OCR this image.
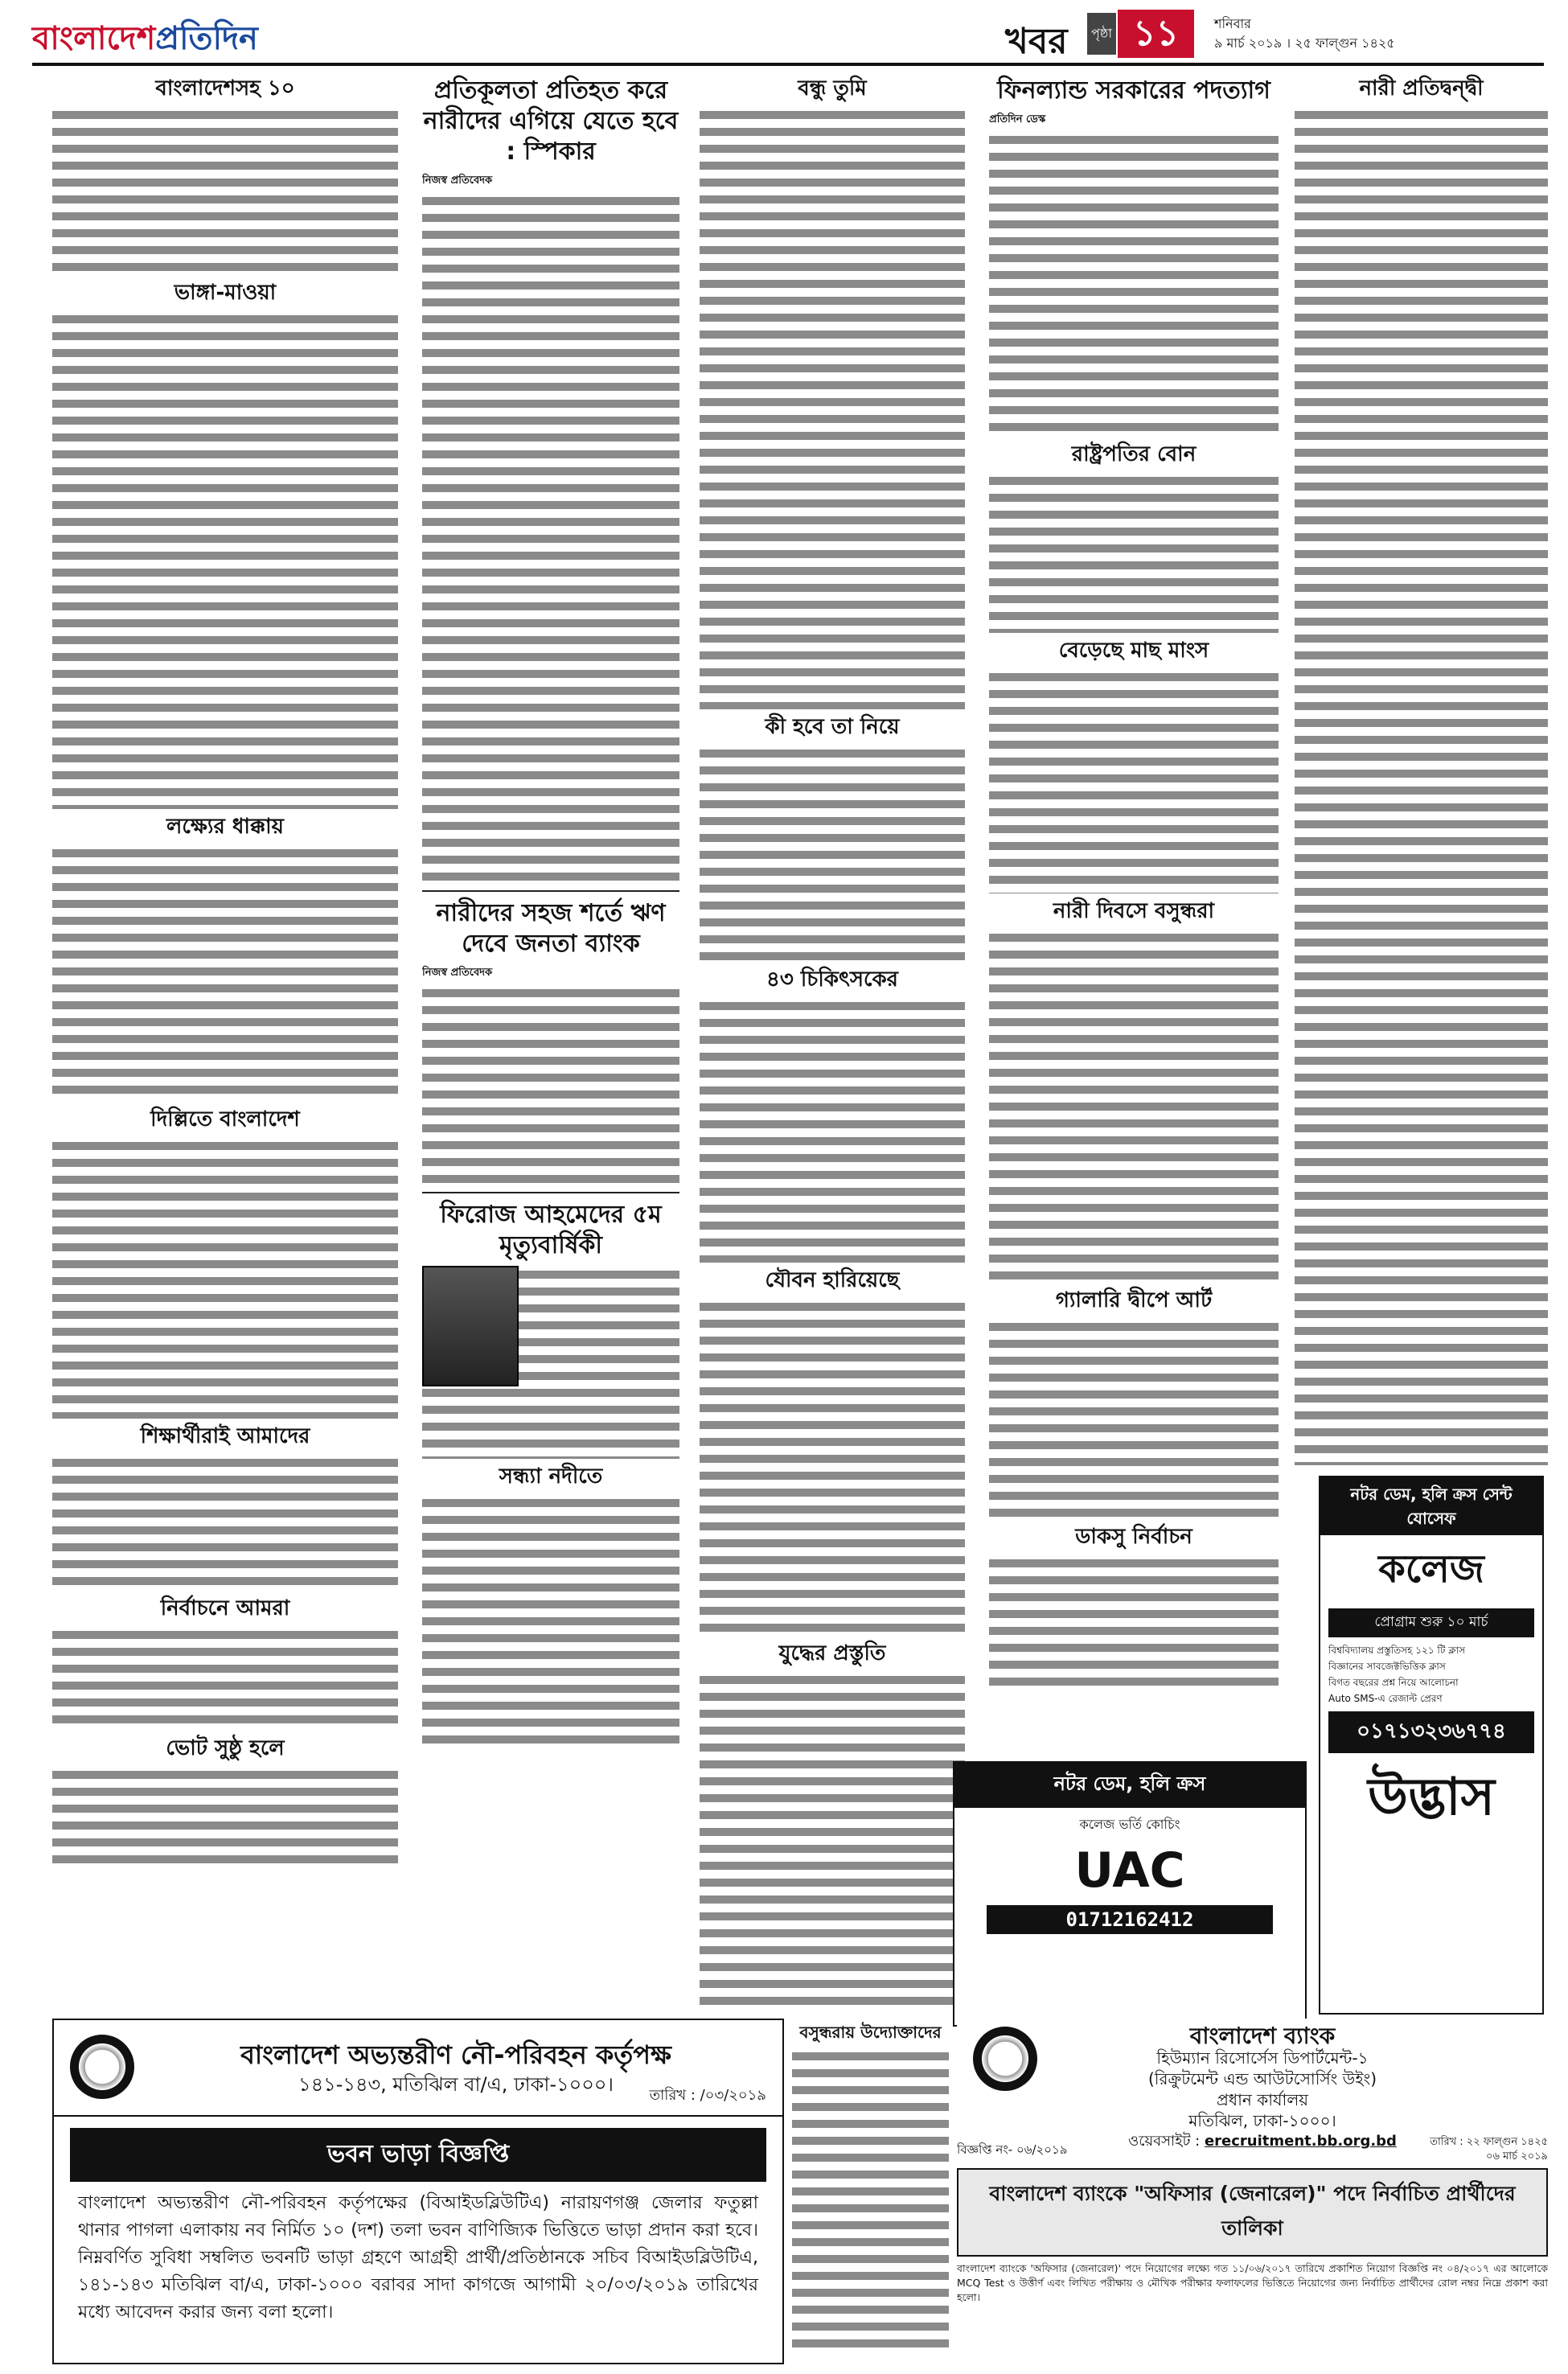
বাংলাদেশপ্রতিদিন	খবর	পৃষ্ঠা ১১	শনিবার
৯ মার্চ ২০১৯ । ২৫ ফাল্গুন ১৪২৫
বাংলাদেশসহ ১০
ভাঙ্গা-মাওয়া
লক্ষ্যের ধাক্কায়
দিল্লিতে বাংলাদেশ
শিক্ষার্থীরাই আমাদের
নির্বাচনে আমরা
ভোট সুষ্ঠু হলে
প্রতিকূলতা প্রতিহত করে নারীদের এগিয়ে যেতে হবে : স্পিকার
নিজস্ব প্রতিবেদক
নারীদের সহজ শর্তে ঋণ দেবে জনতা ব্যাংক
নিজস্ব প্রতিবেদক
ফিরোজ আহমেদের ৫ম মৃত্যুবার্ষিকী
সন্ধ্যা নদীতে
বন্ধু তুমি
কী হবে তা নিয়ে
৪৩ চিকিৎসকের
যৌবন হারিয়েছে
যুদ্ধের প্রস্তুতি
ফিনল্যান্ড সরকারের পদত্যাগ
প্রতিদিন ডেস্ক
রাষ্ট্রপতির বোন
বেড়েছে মাছ মাংস
নারী দিবসে বসুন্ধরা
গ্যালারি দ্বীপে আর্ট
ডাকসু নির্বাচন
নারী প্রতিদ্বন্দ্বী
নটর ডেম, হলি ক্রস
কলেজ ভর্তি কোচিং
UAC
01712162412
নটর ডেম, হলি ক্রস সেন্ট যোসেফ
কলেজ
প্রোগ্রাম শুরু ১০ মার্চ
বিশ্ববিদ্যালয় প্রস্তুতিসহ ১২১ টি ক্লাস
বিজ্ঞানের সাবজেক্টভিত্তিক ক্লাস
বিগত বছরের প্রশ্ন নিয়ে আলোচনা
Auto SMS-এ রেজাল্ট প্রেরণ
০১৭১৩২৩৬৭৭৪
উদ্ভাস
বাংলাদেশ অভ্যন্তরীণ নৌ-পরিবহন কর্তৃপক্ষ
১৪১-১৪৩, মতিঝিল বা/এ, ঢাকা-১০০০।	তারিখ : /০৩/২০১৯
ভবন ভাড়া বিজ্ঞপ্তি
বাংলাদেশ অভ্যন্তরীণ নৌ-পরিবহন কর্তৃপক্ষের (বিআইডব্লিউটিএ) নারায়ণগঞ্জ জেলার ফতুল্লা থানার পাগলা এলাকায় নব নির্মিত ১০ (দশ) তলা ভবন বাণিজ্যিক ভিত্তিতে ভাড়া প্রদান করা হবে। নিম্নবর্ণিত সুবিধা সম্বলিত ভবনটি ভাড়া গ্রহণে আগ্রহী প্রার্থী/প্রতিষ্ঠানকে সচিব বিআইডব্লিউটিএ, ১৪১-১৪৩ মতিঝিল বা/এ, ঢাকা-১০০০ বরাবর সাদা কাগজে আগামী ২০/০৩/২০১৯ তারিখের মধ্যে আবেদন করার জন্য বলা হলো।
বসুন্ধরায় উদ্যোক্তাদের	বাংলাদেশ ব্যাংক
হিউম্যান রিসোর্সেস ডিপার্টমেন্ট-১
(রিক্রুটমেন্ট এন্ড আউটসোর্সিং উইং)
প্রধান কার্যালয়
মতিঝিল, ঢাকা-১০০০।
ওয়েবসাইট : erecruitment.bb.org.bd
বিজ্ঞপ্তি নং- ০৬/২০১৯
তারিখ : ২২ ফাল্গুন ১৪২৫
০৬ মার্চ ২০১৯
বাংলাদেশ ব্যাংকে "অফিসার (জেনারেল)" পদে নির্বাচিত প্রার্থীদের তালিকা
বাংলাদেশ ব্যাংকে 'অফিসার (জেনারেল)' পদে নিয়োগের লক্ষ্যে গত ১১/০৬/২০১৭ তারিখে প্রকাশিত নিয়োগ বিজ্ঞপ্তি নং ০৪/২০১৭ এর আলোকে MCQ Test ও উত্তীর্ণ এবং লিখিত পরীক্ষায় ও মৌখিক পরীক্ষার ফলাফলের ভিত্তিতে নিয়োগের জন্য নির্বাচিত প্রার্থীদের রোল নম্বর নিম্নে প্রকাশ করা হলো।
